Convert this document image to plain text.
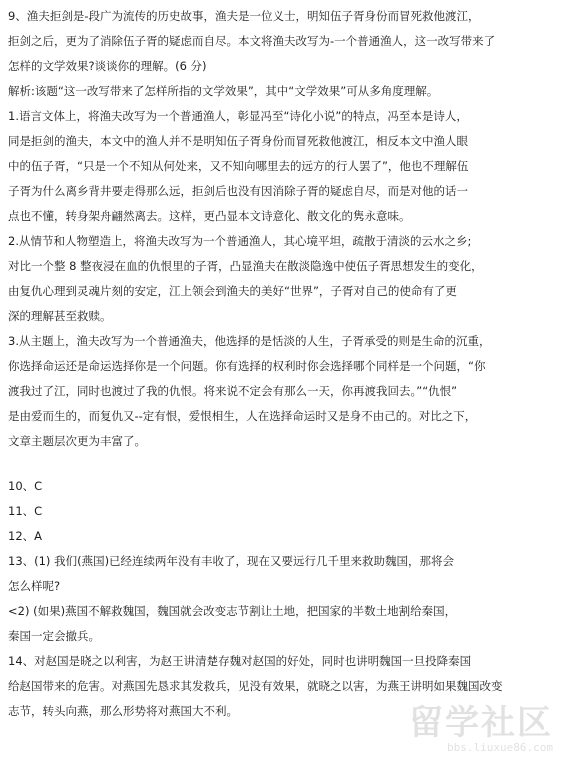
9、渔夫拒剑是-段广为流传的历史故事，渔夫是一位义士，明知伍子胥身份而冒死救他渡江，
拒剑之后，更为了消除伍子胥的疑虑而自尽。本文将渔夫改写为-一个普通渔人，这一改写带来了
怎样的文学效果?谈谈你的理解。(6 分)
解析:该题“这一改写带来了怎样所指的文学效果”，其中“文学效果”可从多角度理解。
1.语言文体上，将渔夫改写为一个普通渔人，彰显冯至“诗化小说”的特点，冯至本是诗人，
同是拒剑的渔夫，本文中的渔人并不是明知伍子胥身份而冒死救他渡江，相反本文中渔人眼
中的伍子胥，“只是一个不知从何处来，又不知向哪里去的远方的行人罢了”，他也不理解伍
子胥为什么离乡背井要走得那么远，拒剑后也没有因消除子胥的疑虑自尽，而是对他的话一
点也不懂，转身架舟翩然离去。这样，更凸显本文诗意化、散文化的隽永意味。
2.从情节和人物塑造上，将渔夫改写为一个普通渔人，其心境平坦，疏散于清淡的云水之乡;
对比一个整 8 整夜浸在血的仇恨里的子胥，凸显渔夫在散淡隐逸中使伍子胥思想发生的变化，
由复仇心理到灵魂片刻的安定，江上领会到渔夫的美好“世界”，子胥对自己的使命有了更
深的理解甚至救赎。
3.从主题上，渔夫改写为一个普通渔夫，他选择的是恬淡的人生，子胥承受的则是生命的沉重，
你选择命运还是命运选择你是一个问题。你有选择的权利时你会选择哪个同样是一个问题，“你
渡我过了江，同时也渡过了我的仇恨。将来说不定会有那么一天，你再渡我回去。”“仇恨”
是由爱而生的，而复仇又--定有恨，爱恨相生，人在选择命运时又是身不由己的。对比之下，
文章主题层次更为丰富了。
10、C
11、C
12、A
13、(1) 我们(燕国)已经连续两年没有丰收了，现在又要远行几千里来救助魏国，那将会
怎么样呢?
<2) (如果)燕国不解救魏国，魏国就会改变志节割让土地，把国家的半数土地割给秦国，
秦国一定会撤兵。
14、对赵国是晓之以利害，为赵王讲清楚存魏对赵国的好处，同时也讲明魏国一旦投降秦国
给赵国带来的危害。对燕国先恳求其发救兵，见没有效果，就晓之以害，为燕王讲明如果魏国改变
志节，转头向燕，那么形势将对燕国大不利。	留学社区
bbs.liuxue86.com
